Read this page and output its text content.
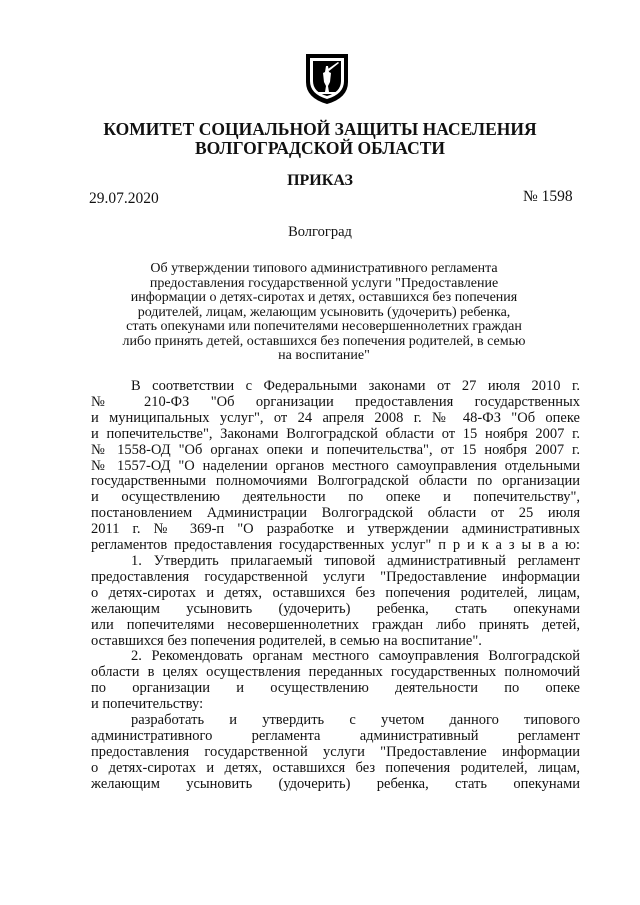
КОМИТЕТ СОЦИАЛЬНОЙ ЗАЩИТЫ НАСЕЛЕНИЯ
ВОЛГОГРАДСКОЙ ОБЛАСТИ
ПРИКАЗ
29.07.2020	№ 1598
Волгоград
Об утверждении типового административного регламента
предоставления государственной услуги "Предоставление
информации о детях-сиротах и детях, оставшихся без попечения
родителей, лицам, желающим усыновить (удочерить) ребенка,
стать опекунами или попечителями несовершеннолетних граждан
либо принять детей, оставшихся без попечения родителей, в семью
на воспитание"
В соответствии с Федеральными законами от 27 июля 2010 г.
№ 210-ФЗ "Об организации предоставления государственных
и муниципальных услуг", от 24 апреля 2008 г. № 48-ФЗ "Об опеке
и попечительстве", Законами Волгоградской области от 15 ноября 2007 г.
№ 1558-ОД "Об органах опеки и попечительства", от 15 ноября 2007 г.
№ 1557-ОД "О наделении органов местного самоуправления отдельными
государственными полномочиями Волгоградской области по организации
и осуществлению деятельности по опеке и попечительству",
постановлением Администрации Волгоградской области от 25 июля
2011 г. № 369-п "О разработке и утверждении административных
регламентов предоставления государственных услуг" п р и к а з ы в а ю:
1. Утвердить прилагаемый типовой административный регламент
предоставления государственной услуги "Предоставление информации
о детях-сиротах и детях, оставшихся без попечения родителей, лицам,
желающим усыновить (удочерить) ребенка, стать опекунами
или попечителями несовершеннолетних граждан либо принять детей,
оставшихся без попечения родителей, в семью на воспитание".
2. Рекомендовать органам местного самоуправления Волгоградской
области в целях осуществления переданных государственных полномочий
по организации и осуществлению деятельности по опеке
и попечительству:
разработать и утвердить с учетом данного типового
административного регламента административный регламент
предоставления государственной услуги "Предоставление информации
о детях-сиротах и детях, оставшихся без попечения родителей, лицам,
желающим усыновить (удочерить) ребенка, стать опекунами
